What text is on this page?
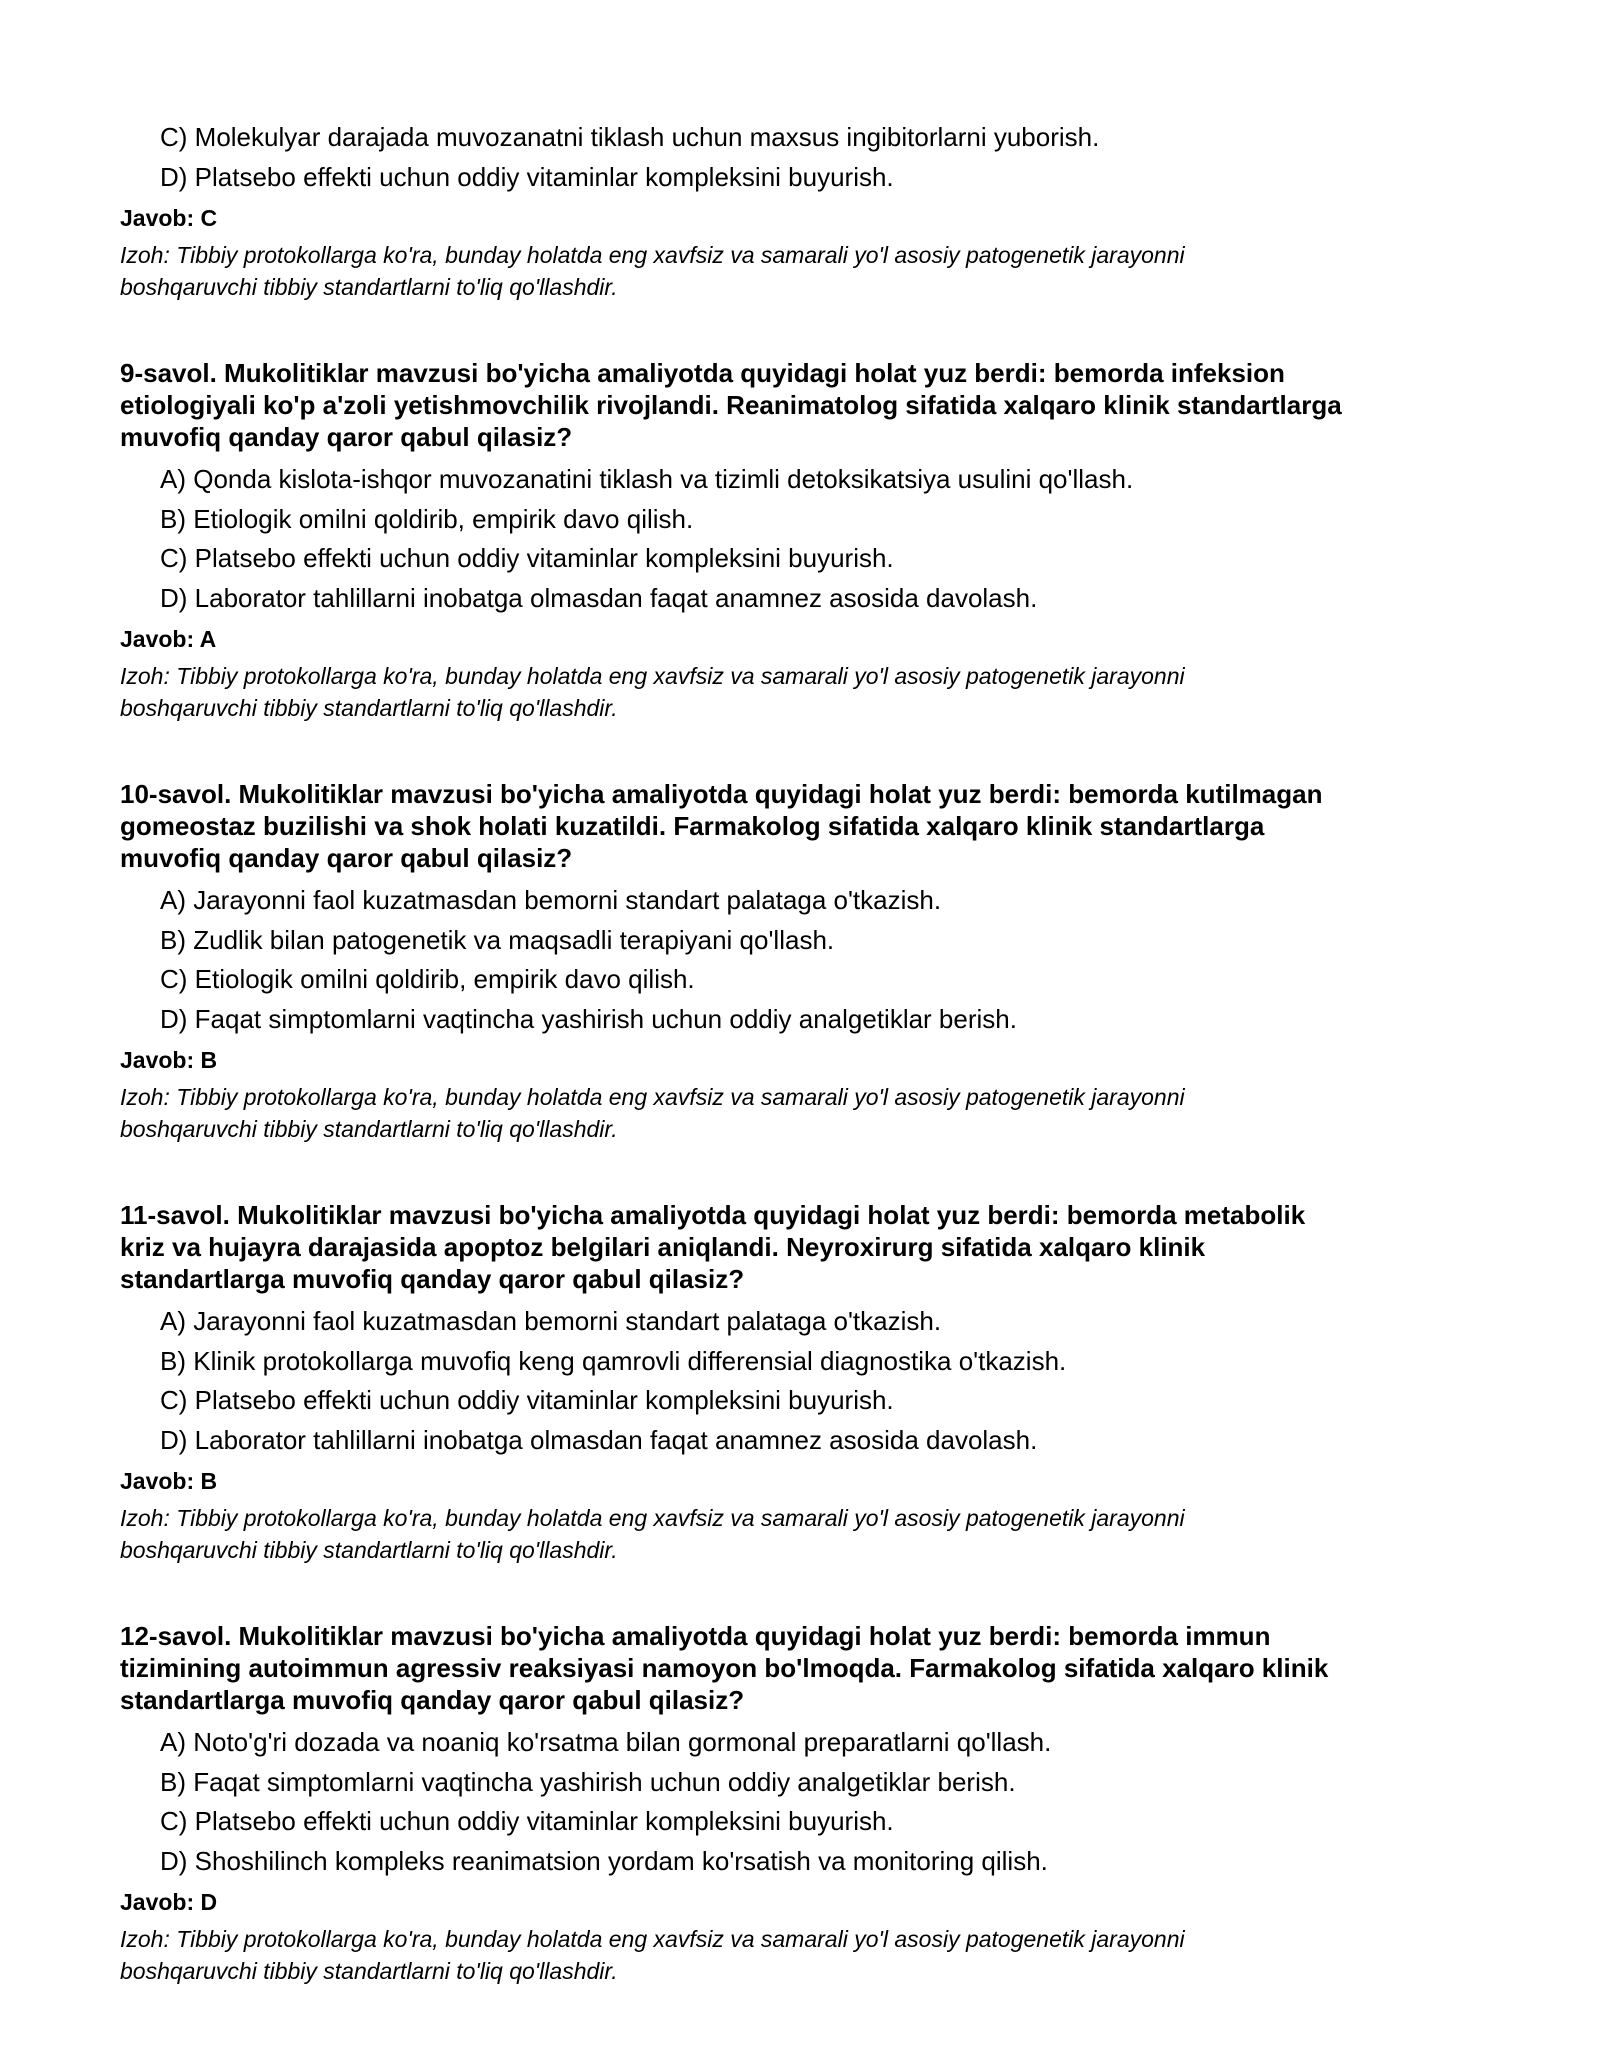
C) Molekulyar darajada muvozanatni tiklash uchun maxsus ingibitorlarni yuborish.
D) Platsebo effekti uchun oddiy vitaminlar kompleksini buyurish.
Javob: C
Izoh: Tibbiy protokollarga ko'ra, bunday holatda eng xavfsiz va samarali yo'l asosiy patogenetik jarayonni
boshqaruvchi tibbiy standartlarni to'liq qo'llashdir.
9-savol. Mukolitiklar mavzusi bo'yicha amaliyotda quyidagi holat yuz berdi: bemorda infeksion
etiologiyali ko'p a'zoli yetishmovchilik rivojlandi. Reanimatolog sifatida xalqaro klinik standartlarga
muvofiq qanday qaror qabul qilasiz?
A) Qonda kislota-ishqor muvozanatini tiklash va tizimli detoksikatsiya usulini qo'llash.
B) Etiologik omilni qoldirib, empirik davo qilish.
C) Platsebo effekti uchun oddiy vitaminlar kompleksini buyurish.
D) Laborator tahlillarni inobatga olmasdan faqat anamnez asosida davolash.
Javob: A
Izoh: Tibbiy protokollarga ko'ra, bunday holatda eng xavfsiz va samarali yo'l asosiy patogenetik jarayonni
boshqaruvchi tibbiy standartlarni to'liq qo'llashdir.
10-savol. Mukolitiklar mavzusi bo'yicha amaliyotda quyidagi holat yuz berdi: bemorda kutilmagan
gomeostaz buzilishi va shok holati kuzatildi. Farmakolog sifatida xalqaro klinik standartlarga
muvofiq qanday qaror qabul qilasiz?
A) Jarayonni faol kuzatmasdan bemorni standart palataga o'tkazish.
B) Zudlik bilan patogenetik va maqsadli terapiyani qo'llash.
C) Etiologik omilni qoldirib, empirik davo qilish.
D) Faqat simptomlarni vaqtincha yashirish uchun oddiy analgetiklar berish.
Javob: B
Izoh: Tibbiy protokollarga ko'ra, bunday holatda eng xavfsiz va samarali yo'l asosiy patogenetik jarayonni
boshqaruvchi tibbiy standartlarni to'liq qo'llashdir.
11-savol. Mukolitiklar mavzusi bo'yicha amaliyotda quyidagi holat yuz berdi: bemorda metabolik
kriz va hujayra darajasida apoptoz belgilari aniqlandi. Neyroxirurg sifatida xalqaro klinik
standartlarga muvofiq qanday qaror qabul qilasiz?
A) Jarayonni faol kuzatmasdan bemorni standart palataga o'tkazish.
B) Klinik protokollarga muvofiq keng qamrovli differensial diagnostika o'tkazish.
C) Platsebo effekti uchun oddiy vitaminlar kompleksini buyurish.
D) Laborator tahlillarni inobatga olmasdan faqat anamnez asosida davolash.
Javob: B
Izoh: Tibbiy protokollarga ko'ra, bunday holatda eng xavfsiz va samarali yo'l asosiy patogenetik jarayonni
boshqaruvchi tibbiy standartlarni to'liq qo'llashdir.
12-savol. Mukolitiklar mavzusi bo'yicha amaliyotda quyidagi holat yuz berdi: bemorda immun
tizimining autoimmun agressiv reaksiyasi namoyon bo'lmoqda. Farmakolog sifatida xalqaro klinik
standartlarga muvofiq qanday qaror qabul qilasiz?
A) Noto'g'ri dozada va noaniq ko'rsatma bilan gormonal preparatlarni qo'llash.
B) Faqat simptomlarni vaqtincha yashirish uchun oddiy analgetiklar berish.
C) Platsebo effekti uchun oddiy vitaminlar kompleksini buyurish.
D) Shoshilinch kompleks reanimatsion yordam ko'rsatish va monitoring qilish.
Javob: D
Izoh: Tibbiy protokollarga ko'ra, bunday holatda eng xavfsiz va samarali yo'l asosiy patogenetik jarayonni
boshqaruvchi tibbiy standartlarni to'liq qo'llashdir.
